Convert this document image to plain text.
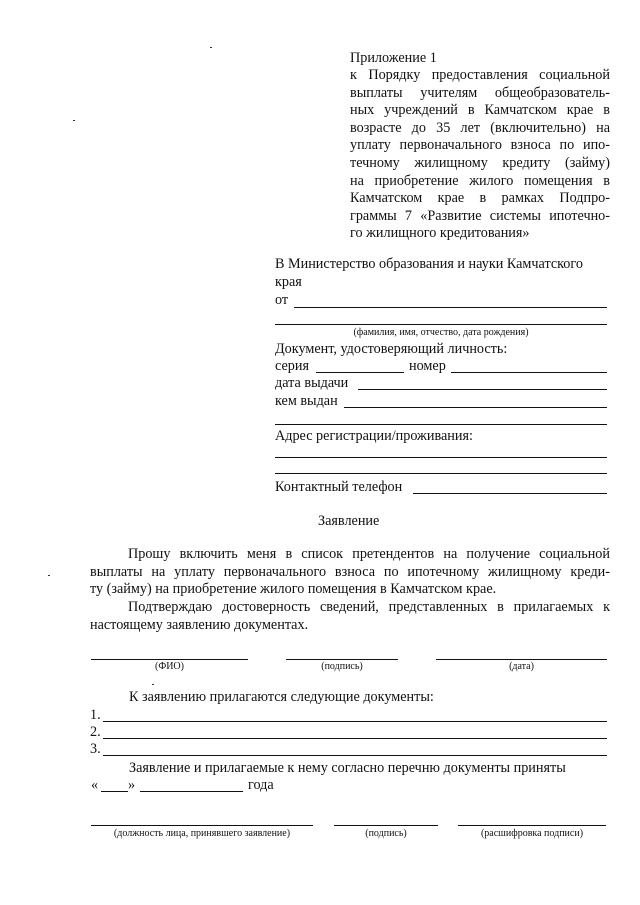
Приложение 1
к Порядку предоставления социальной
выплаты учителям общеобразователь-
ных учреждений в Камчатском крае в
возрасте до 35 лет (включительно) на
уплату первоначального взноса по ипо-
течному жилищному кредиту (займу)
на приобретение жилого помещения в
Камчатском крае в рамках Подпро-
граммы 7 «Развитие системы ипотечно-
го жилищного кредитования»
В Министерство образования и науки Камчатского
края
от
(фамилия, имя, отчество, дата рождения)
Документ, удостоверяющий личность:
серия	номер
дата выдачи
кем выдан
Адрес регистрации/проживания:
Контактный телефон
Заявление
Прошу включить меня в список претендентов на получение социальной
выплаты на уплату первоначального взноса по ипотечному жилищному креди-
ту (займу) на приобретение жилого помещения в Камчатском крае.
Подтверждаю достоверность сведений, представленных в прилагаемых к
настоящему заявлению документах.
(ФИО)	(подпись)	(дата)
К заявлению прилагаются следующие документы:
1.
2.
3.
Заявление и прилагаемые к нему согласно перечню документы приняты
« »	года
(должность лица, принявшего заявление)	(подпись)	(расшифровка подписи)
